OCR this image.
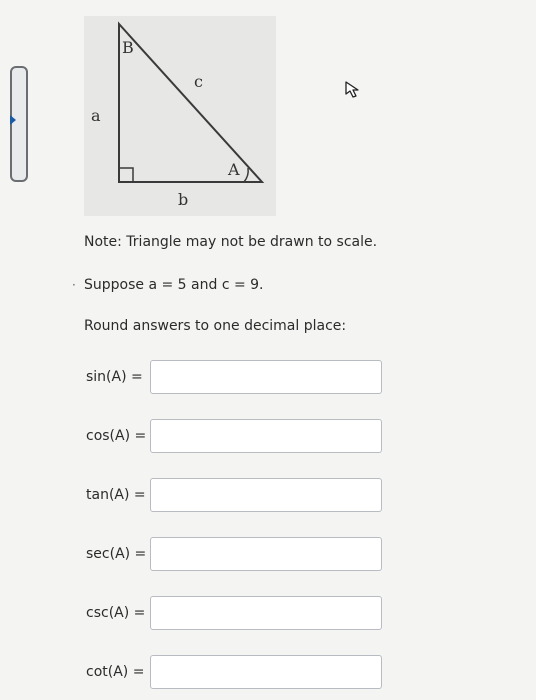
B
c
a
A
b
Note: Triangle may not be drawn to scale.
· Suppose a = 5 and c = 9.
Round answers to one decimal place:
sin(A) =
cos(A) =
tan(A) =
sec(A) =
csc(A) =
cot(A) =
